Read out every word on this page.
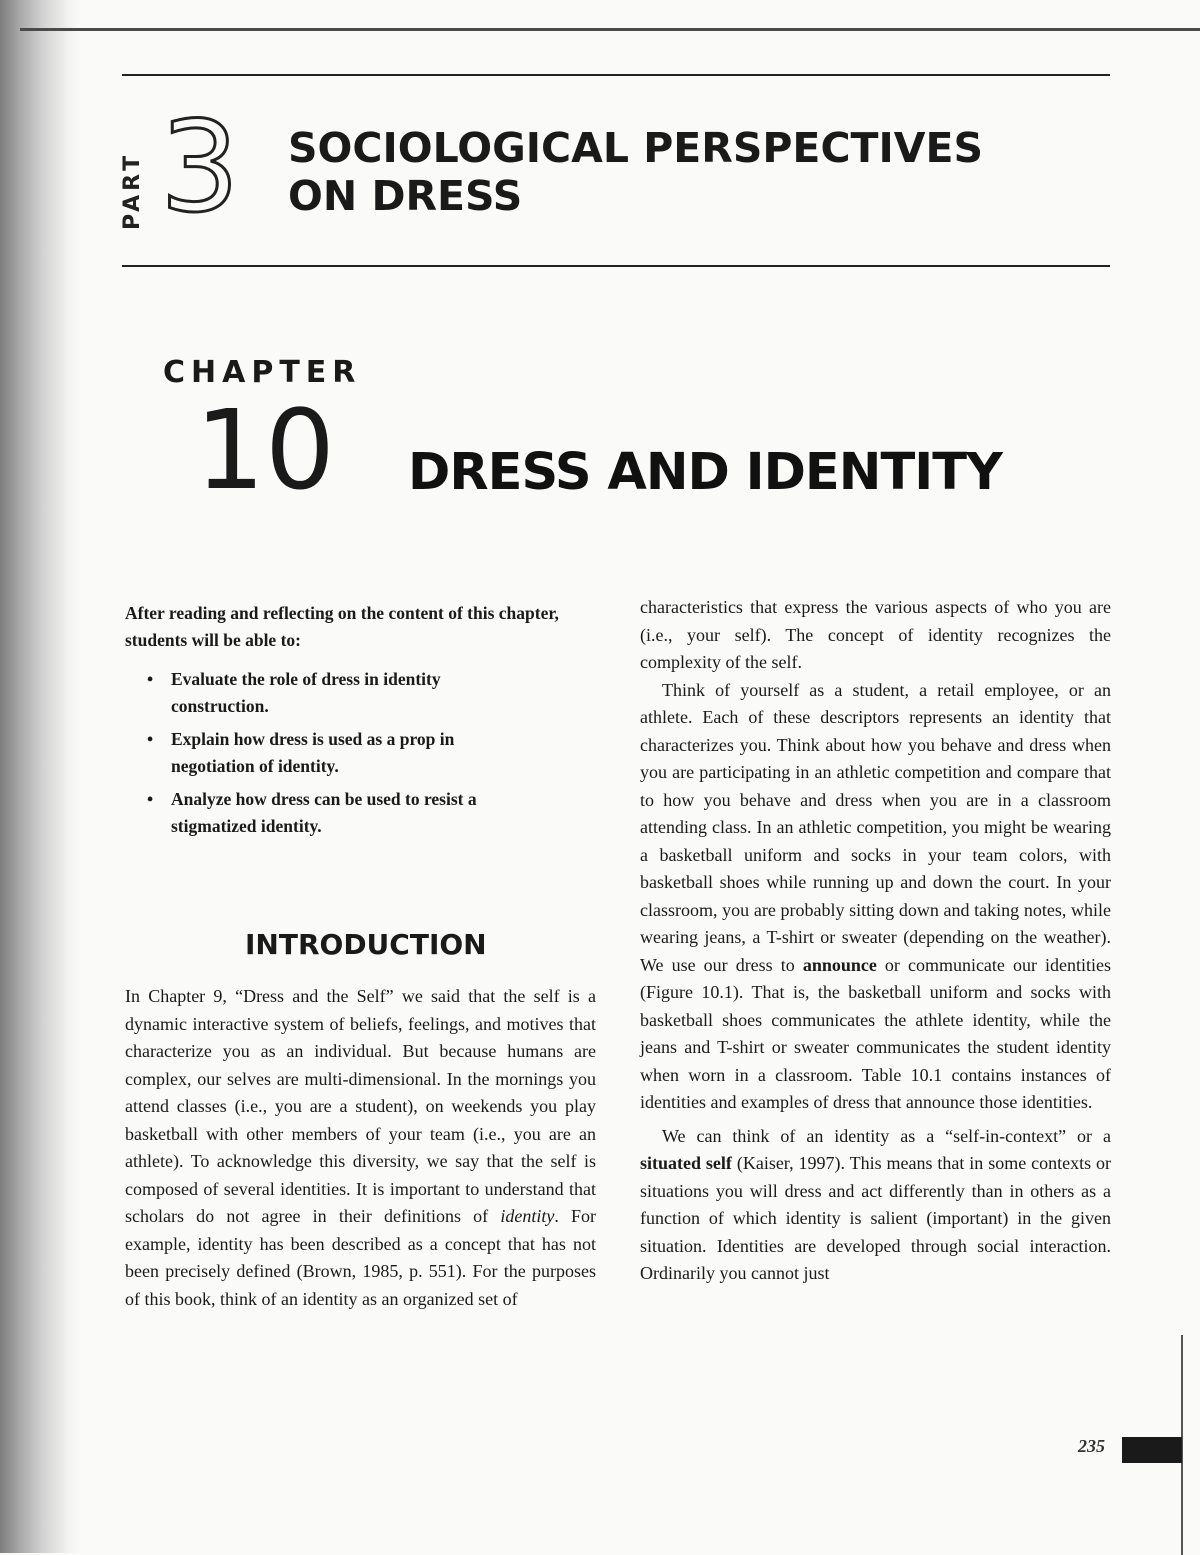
PART 3 SOCIOLOGICAL PERSPECTIVES
ON DRESS
CHAPTER
10 DRESS AND IDENTITY

After reading and reflecting on the content of this chapter, students will be able to:

• Evaluate the role of dress in identity construction.
• Explain how dress is used as a prop in negotiation of identity.
• Analyze how dress can be used to resist a stigmatized identity.
INTRODUCTION

In Chapter 9, “Dress and the Self” we said that the self is a dynamic interactive system of beliefs, feelings, and motives that characterize you as an individual. But because humans are complex, our selves are multi-dimensional. In the mornings you attend classes (i.e., you are a student), on weekends you play basketball with other members of your team (i.e., you are an athlete). To acknowledge this diversity, we say that the self is composed of several identities. It is important to understand that scholars do not agree in their definitions of identity. For example, identity has been described as a concept that has not been precisely defined (Brown, 1985, p. 551). For the purposes of this book, think of an identity as an organized set of

characteristics that express the various aspects of who you are (i.e., your self). The concept of identity recognizes the complexity of the self.

Think of yourself as a student, a retail employee, or an athlete. Each of these descriptors represents an identity that characterizes you. Think about how you behave and dress when you are participating in an athletic competition and compare that to how you behave and dress when you are in a classroom attending class. In an athletic competition, you might be wearing a basketball uniform and socks in your team colors, with basketball shoes while running up and down the court. In your classroom, you are probably sitting down and taking notes, while wearing jeans, a T-shirt or sweater (depending on the weather). We use our dress to announce or communicate our identities (Figure 10.1). That is, the basketball uniform and socks with basketball shoes communicates the athlete identity, while the jeans and T-shirt or sweater communicates the student identity when worn in a classroom. Table 10.1 contains instances of identities and examples of dress that announce those identities.

We can think of an identity as a “self-in-context” or a situated self (Kaiser, 1997). This means that in some contexts or situations you will dress and act differently than in others as a function of which identity is salient (important) in the given situation. Identities are developed through social interaction. Ordinarily you cannot just

235
